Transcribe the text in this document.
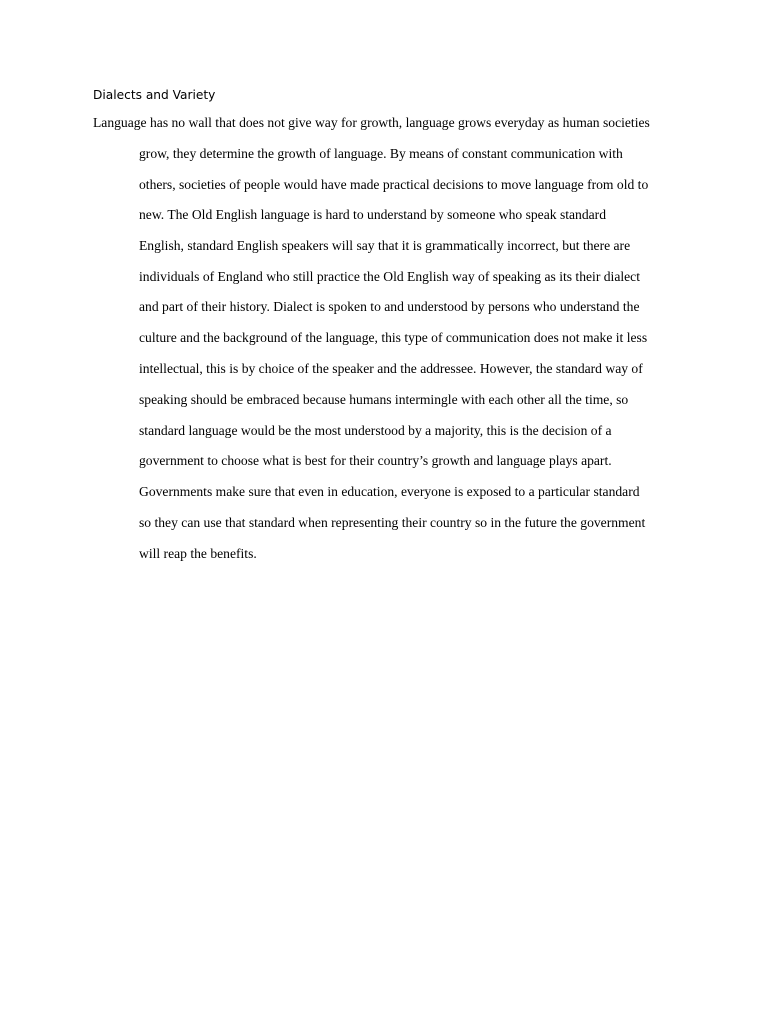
Dialects and Variety
Language has no wall that does not give way for growth, language grows everyday as human societies
grow, they determine the growth of language. By means of constant communication with
others, societies of people would have made practical decisions to move language from old to
new. The Old English language is hard to understand by someone who speak standard
English, standard English speakers will say that it is grammatically incorrect, but there are
individuals of England who still practice the Old English way of speaking as its their dialect
and part of their history. Dialect is spoken to and understood by persons who understand the
culture and the background of the language, this type of communication does not make it less
intellectual, this is by choice of the speaker and the addressee. However, the standard way of
speaking should be embraced because humans intermingle with each other all the time, so
standard language would be the most understood by a majority, this is the decision of a
government to choose what is best for their country’s growth and language plays apart.
Governments make sure that even in education, everyone is exposed to a particular standard
so they can use that standard when representing their country so in the future the government
will reap the benefits.
